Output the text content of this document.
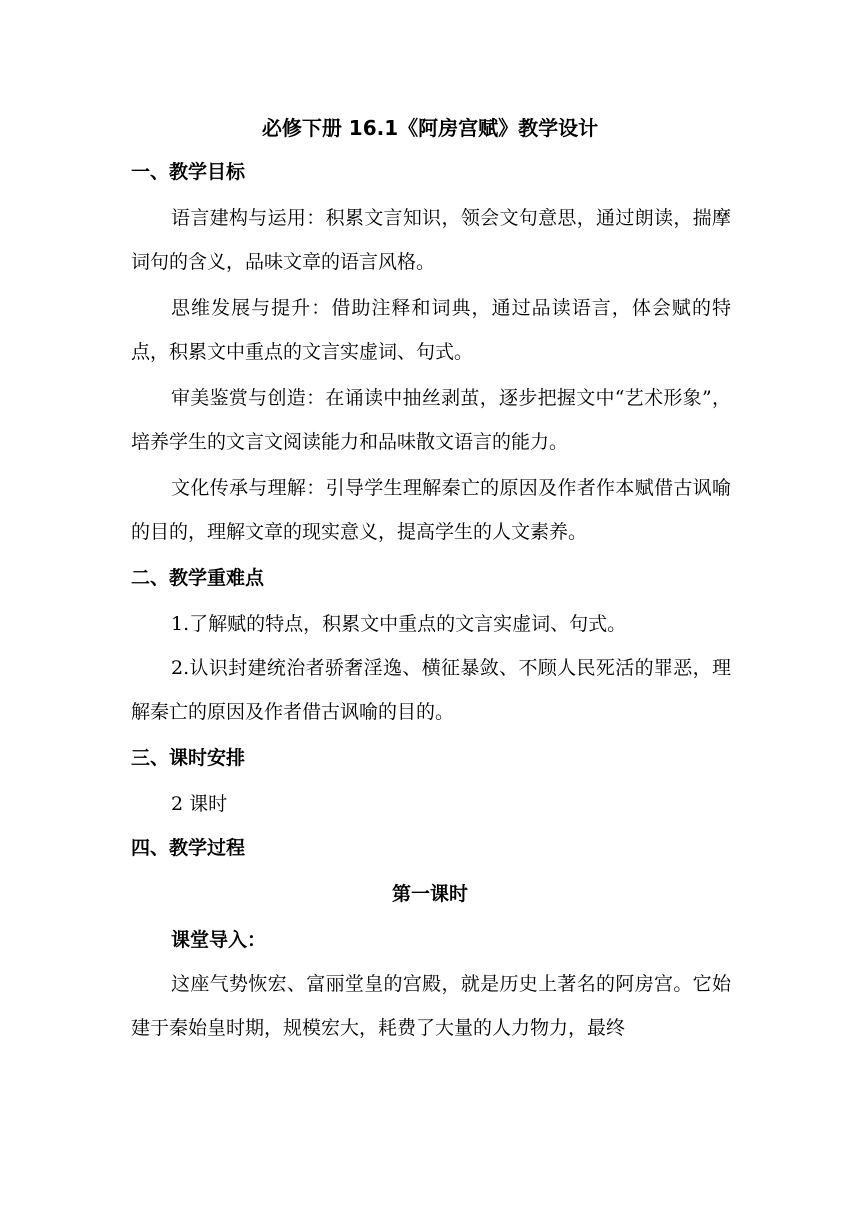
必修下册 16.1《阿房宫赋》教学设计
一、教学目标
语言建构与运用：积累文言知识，领会文句意思，通过朗读，揣摩词句的含义，品味文章的语言风格。
思维发展与提升：借助注释和词典，通过品读语言，体会赋的特点，积累文中重点的文言实虚词、句式。
审美鉴赏与创造：在诵读中抽丝剥茧，逐步把握文中“艺术形象”，培养学生的文言文阅读能力和品味散文语言的能力。
文化传承与理解：引导学生理解秦亡的原因及作者作本赋借古讽喻的目的，理解文章的现实意义，提高学生的人文素养。
二、教学重难点
1.了解赋的特点，积累文中重点的文言实虚词、句式。
2.认识封建统治者骄奢淫逸、横征暴敛、不顾人民死活的罪恶，理解秦亡的原因及作者借古讽喻的目的。
三、课时安排
2 课时
四、教学过程
第一课时
课堂导入：
这座气势恢宏、富丽堂皇的宫殿，就是历史上著名的阿房宫。它始建于秦始皇时期，规模宏大，耗费了大量的人力物力，最终
